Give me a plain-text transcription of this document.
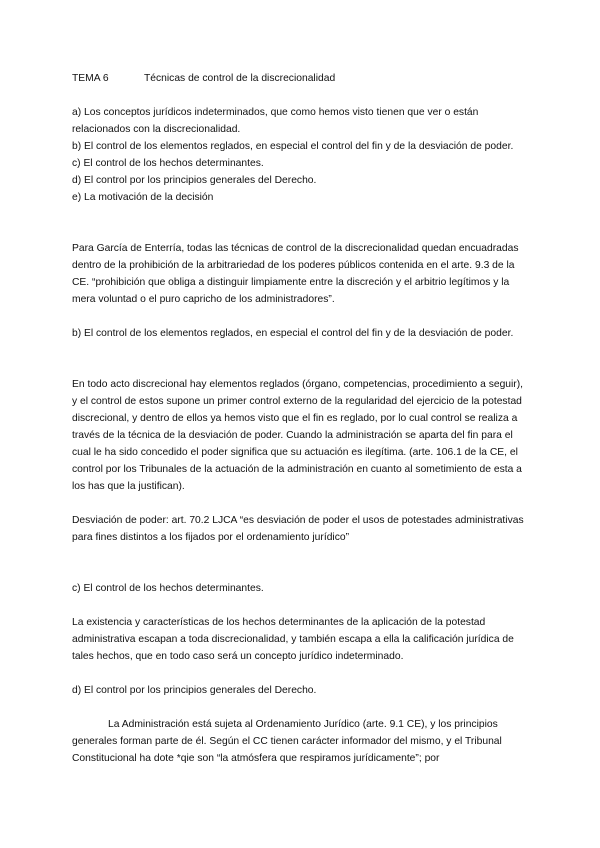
TEMA 6	Técnicas de control de la discrecionalidad

a) Los conceptos jurídicos indeterminados, que como hemos visto tienen que ver o están relacionados con la discrecionalidad.

b) El control de los elementos reglados, en especial el control del fin y de la desviación de poder.

c) El control de los hechos determinantes.

d) El control por los principios generales del Derecho.

e) La motivación de la decisión

Para García de Enterría, todas las técnicas de control de la discrecionalidad quedan encuadradas dentro de la prohibición de la arbitrariedad de los poderes públicos contenida en el arte. 9.3 de la CE. “prohibición que obliga a distinguir limpiamente entre la discreción y el arbitrio legítimos y la mera voluntad o el puro capricho de los administradores”.

b) El control de los elementos reglados, en especial el control del fin y de la desviación de poder.

En todo acto discrecional hay elementos reglados (órgano, competencias, procedimiento a seguir), y el control de estos supone un primer control externo de la regularidad del ejercicio de la potestad discrecional, y dentro de ellos ya hemos visto que el fin es reglado, por lo cual control se realiza a través de la técnica de la desviación de poder. Cuando la administración se aparta del fin para el cual le ha sido concedido el poder significa que su actuación es ilegítima. (arte. 106.1 de la CE, el control por los Tribunales de la actuación de la administración en cuanto al sometimiento de esta a los has que la justifican).

Desviación de poder: art. 70.2 LJCA “es desviación de poder el usos de potestades administrativas para fines distintos a los fijados por el ordenamiento jurídico”

c) El control de los hechos determinantes.

La existencia y características de los hechos determinantes de la aplicación de la potestad administrativa escapan a toda discrecionalidad, y también escapa a ella la calificación jurídica de tales hechos, que en todo caso será un concepto jurídico indeterminado.

d) El control por los principios generales del Derecho.

La Administración está sujeta al Ordenamiento Jurídico (arte. 9.1 CE), y los principios generales forman parte de él. Según el CC tienen carácter informador del mismo, y el Tribunal Constitucional ha dote *qie son “la atmósfera que respiramos jurídicamente”; por
